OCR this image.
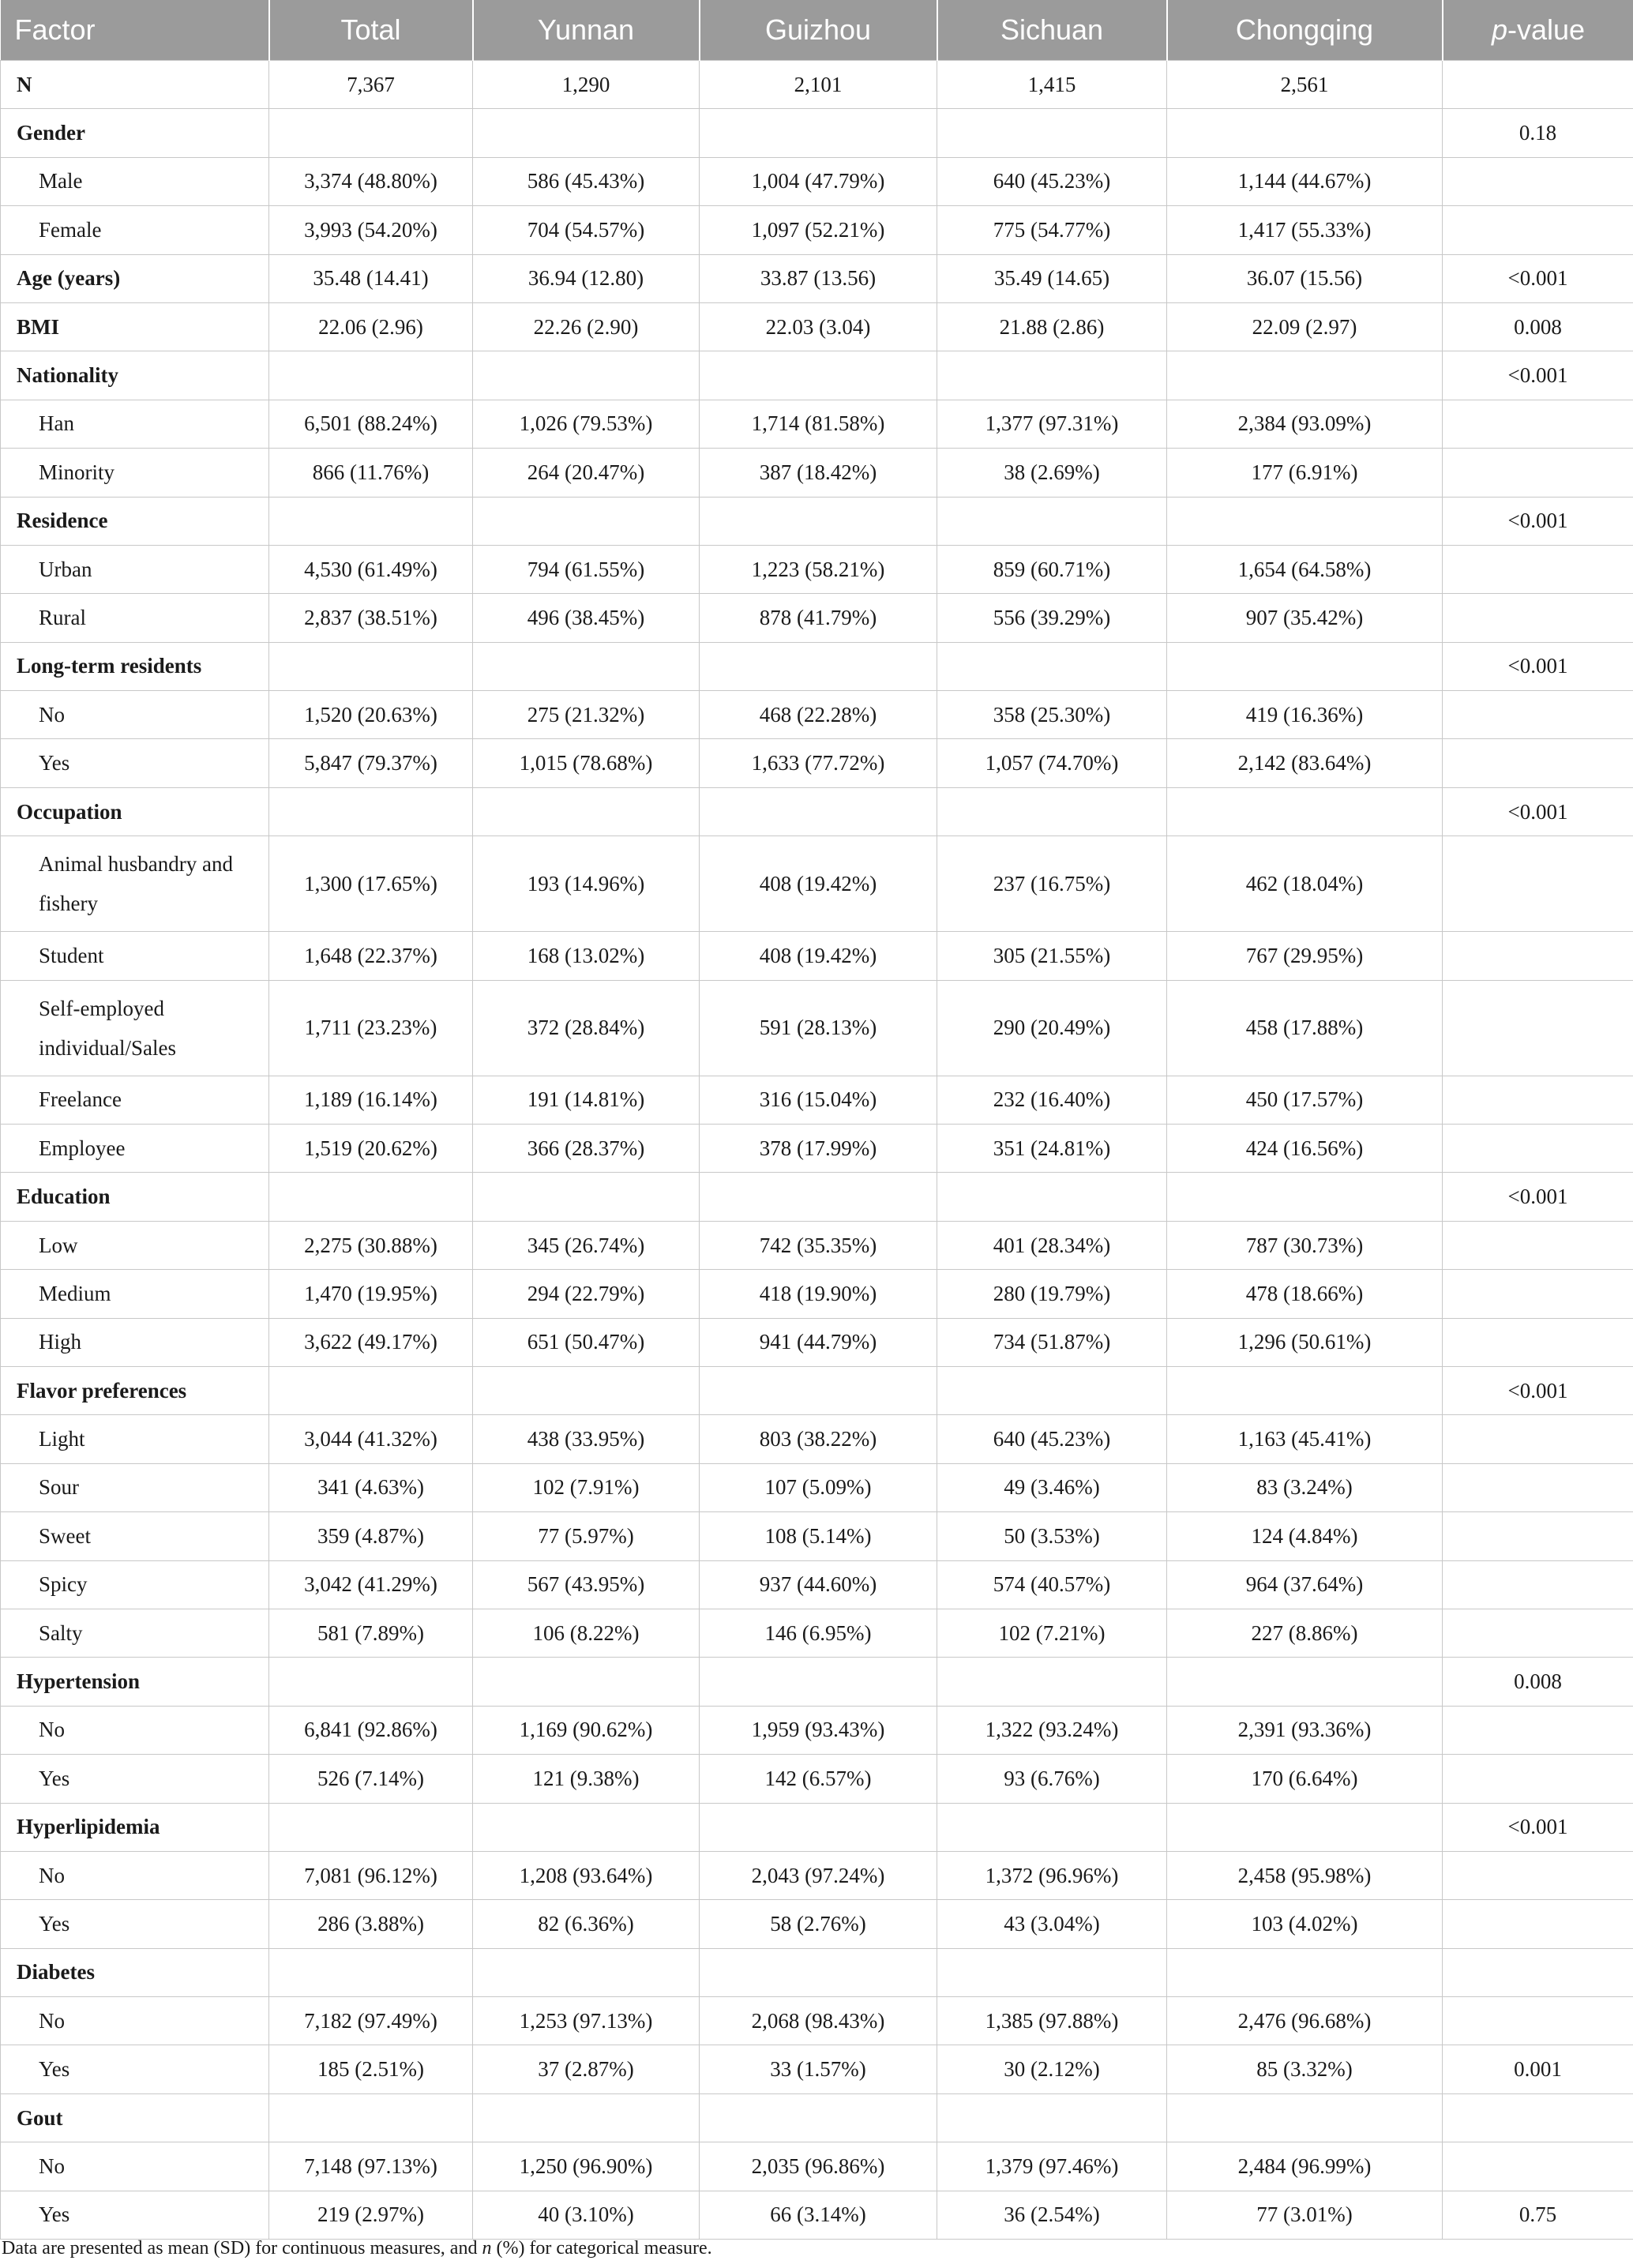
Factor	Total	Yunnan	Guizhou	Sichuan	Chongqing	p-value
N	7,367	1,290	2,101	1,415	2,561	
Gender						0.18
Male	3,374 (48.80%)	586 (45.43%)	1,004 (47.79%)	640 (45.23%)	1,144 (44.67%)	
Female	3,993 (54.20%)	704 (54.57%)	1,097 (52.21%)	775 (54.77%)	1,417 (55.33%)	
Age (years)	35.48 (14.41)	36.94 (12.80)	33.87 (13.56)	35.49 (14.65)	36.07 (15.56)	<0.001
BMI	22.06 (2.96)	22.26 (2.90)	22.03 (3.04)	21.88 (2.86)	22.09 (2.97)	0.008
Nationality						<0.001
Han	6,501 (88.24%)	1,026 (79.53%)	1,714 (81.58%)	1,377 (97.31%)	2,384 (93.09%)	
Minority	866 (11.76%)	264 (20.47%)	387 (18.42%)	38 (2.69%)	177 (6.91%)	
Residence						<0.001
Urban	4,530 (61.49%)	794 (61.55%)	1,223 (58.21%)	859 (60.71%)	1,654 (64.58%)	
Rural	2,837 (38.51%)	496 (38.45%)	878 (41.79%)	556 (39.29%)	907 (35.42%)	
Long-term residents						<0.001
No	1,520 (20.63%)	275 (21.32%)	468 (22.28%)	358 (25.30%)	419 (16.36%)	
Yes	5,847 (79.37%)	1,015 (78.68%)	1,633 (77.72%)	1,057 (74.70%)	2,142 (83.64%)	
Occupation						<0.001
Animal husbandry and fishery	1,300 (17.65%)	193 (14.96%)	408 (19.42%)	237 (16.75%)	462 (18.04%)	
Student	1,648 (22.37%)	168 (13.02%)	408 (19.42%)	305 (21.55%)	767 (29.95%)	
Self-employed individual/Sales	1,711 (23.23%)	372 (28.84%)	591 (28.13%)	290 (20.49%)	458 (17.88%)	
Freelance	1,189 (16.14%)	191 (14.81%)	316 (15.04%)	232 (16.40%)	450 (17.57%)	
Employee	1,519 (20.62%)	366 (28.37%)	378 (17.99%)	351 (24.81%)	424 (16.56%)	
Education						<0.001
Low	2,275 (30.88%)	345 (26.74%)	742 (35.35%)	401 (28.34%)	787 (30.73%)	
Medium	1,470 (19.95%)	294 (22.79%)	418 (19.90%)	280 (19.79%)	478 (18.66%)	
High	3,622 (49.17%)	651 (50.47%)	941 (44.79%)	734 (51.87%)	1,296 (50.61%)	
Flavor preferences						<0.001
Light	3,044 (41.32%)	438 (33.95%)	803 (38.22%)	640 (45.23%)	1,163 (45.41%)	
Sour	341 (4.63%)	102 (7.91%)	107 (5.09%)	49 (3.46%)	83 (3.24%)	
Sweet	359 (4.87%)	77 (5.97%)	108 (5.14%)	50 (3.53%)	124 (4.84%)	
Spicy	3,042 (41.29%)	567 (43.95%)	937 (44.60%)	574 (40.57%)	964 (37.64%)	
Salty	581 (7.89%)	106 (8.22%)	146 (6.95%)	102 (7.21%)	227 (8.86%)	
Hypertension						0.008
No	6,841 (92.86%)	1,169 (90.62%)	1,959 (93.43%)	1,322 (93.24%)	2,391 (93.36%)	
Yes	526 (7.14%)	121 (9.38%)	142 (6.57%)	93 (6.76%)	170 (6.64%)	
Hyperlipidemia						<0.001
No	7,081 (96.12%)	1,208 (93.64%)	2,043 (97.24%)	1,372 (96.96%)	2,458 (95.98%)	
Yes	286 (3.88%)	82 (6.36%)	58 (2.76%)	43 (3.04%)	103 (4.02%)	
Diabetes						
No	7,182 (97.49%)	1,253 (97.13%)	2,068 (98.43%)	1,385 (97.88%)	2,476 (96.68%)	
Yes	185 (2.51%)	37 (2.87%)	33 (1.57%)	30 (2.12%)	85 (3.32%)	0.001
Gout						
No	7,148 (97.13%)	1,250 (96.90%)	2,035 (96.86%)	1,379 (97.46%)	2,484 (96.99%)	
Yes	219 (2.97%)	40 (3.10%)	66 (3.14%)	36 (2.54%)	77 (3.01%)	0.75
Data are presented as mean (SD) for continuous measures, and n (%) for categorical measure.
